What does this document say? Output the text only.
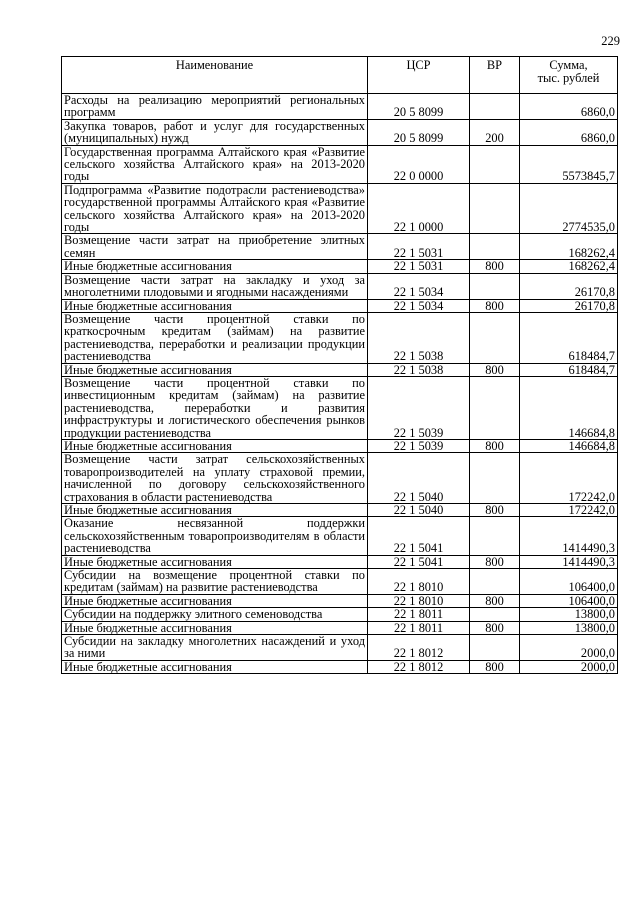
229
Наименование	ЦСР	ВР	Сумма,
тыс. рублей
Расходы на реализацию мероприятий региональных программ	20 5 8099		6860,0
Закупка товаров, работ и услуг для государственных (муниципальных) нужд	20 5 8099	200	6860,0
Государственная программа Алтайского края «Развитие сельского хозяйства Алтайского края» на 2013-2020 годы	22 0 0000		5573845,7
Подпрограмма «Развитие подотрасли растениеводства» государственной программы Алтайского края «Развитие сельского хозяйства Алтайского края» на 2013-2020 годы	22 1 0000		2774535,0
Возмещение части затрат на приобретение элитных семян	22 1 5031		168262,4
Иные бюджетные ассигнования	22 1 5031	800	168262,4
Возмещение части затрат на закладку и уход за многолетними плодовыми и ягодными насаждениями	22 1 5034		26170,8
Иные бюджетные ассигнования	22 1 5034	800	26170,8
Возмещение части процентной ставки по краткосрочным кредитам (займам) на развитие растениеводства, переработки и реализации продукции растениеводства	22 1 5038		618484,7
Иные бюджетные ассигнования	22 1 5038	800	618484,7
Возмещение части процентной ставки по инвестиционным кредитам (займам) на развитие растениеводства, переработки и развития инфраструктуры и логистического обеспечения рынков продукции растениеводства	22 1 5039		146684,8
Иные бюджетные ассигнования	22 1 5039	800	146684,8
Возмещение части затрат сельскохозяйственных товаропроизводителей на уплату страховой премии, начисленной по договору сельскохозяйственного страхования в области растениеводства	22 1 5040		172242,0
Иные бюджетные ассигнования	22 1 5040	800	172242,0
Оказание несвязанной поддержки сельскохозяйственным товаропроизводителям в области растениеводства	22 1 5041		1414490,3
Иные бюджетные ассигнования	22 1 5041	800	1414490,3
Субсидии на возмещение процентной ставки по кредитам (займам) на развитие растениеводства	22 1 8010		106400,0
Иные бюджетные ассигнования	22 1 8010	800	106400,0
Субсидии на поддержку элитного семеноводства	22 1 8011		13800,0
Иные бюджетные ассигнования	22 1 8011	800	13800,0
Субсидии на закладку многолетних насаждений и уход за ними	22 1 8012		2000,0
Иные бюджетные ассигнования	22 1 8012	800	2000,0
